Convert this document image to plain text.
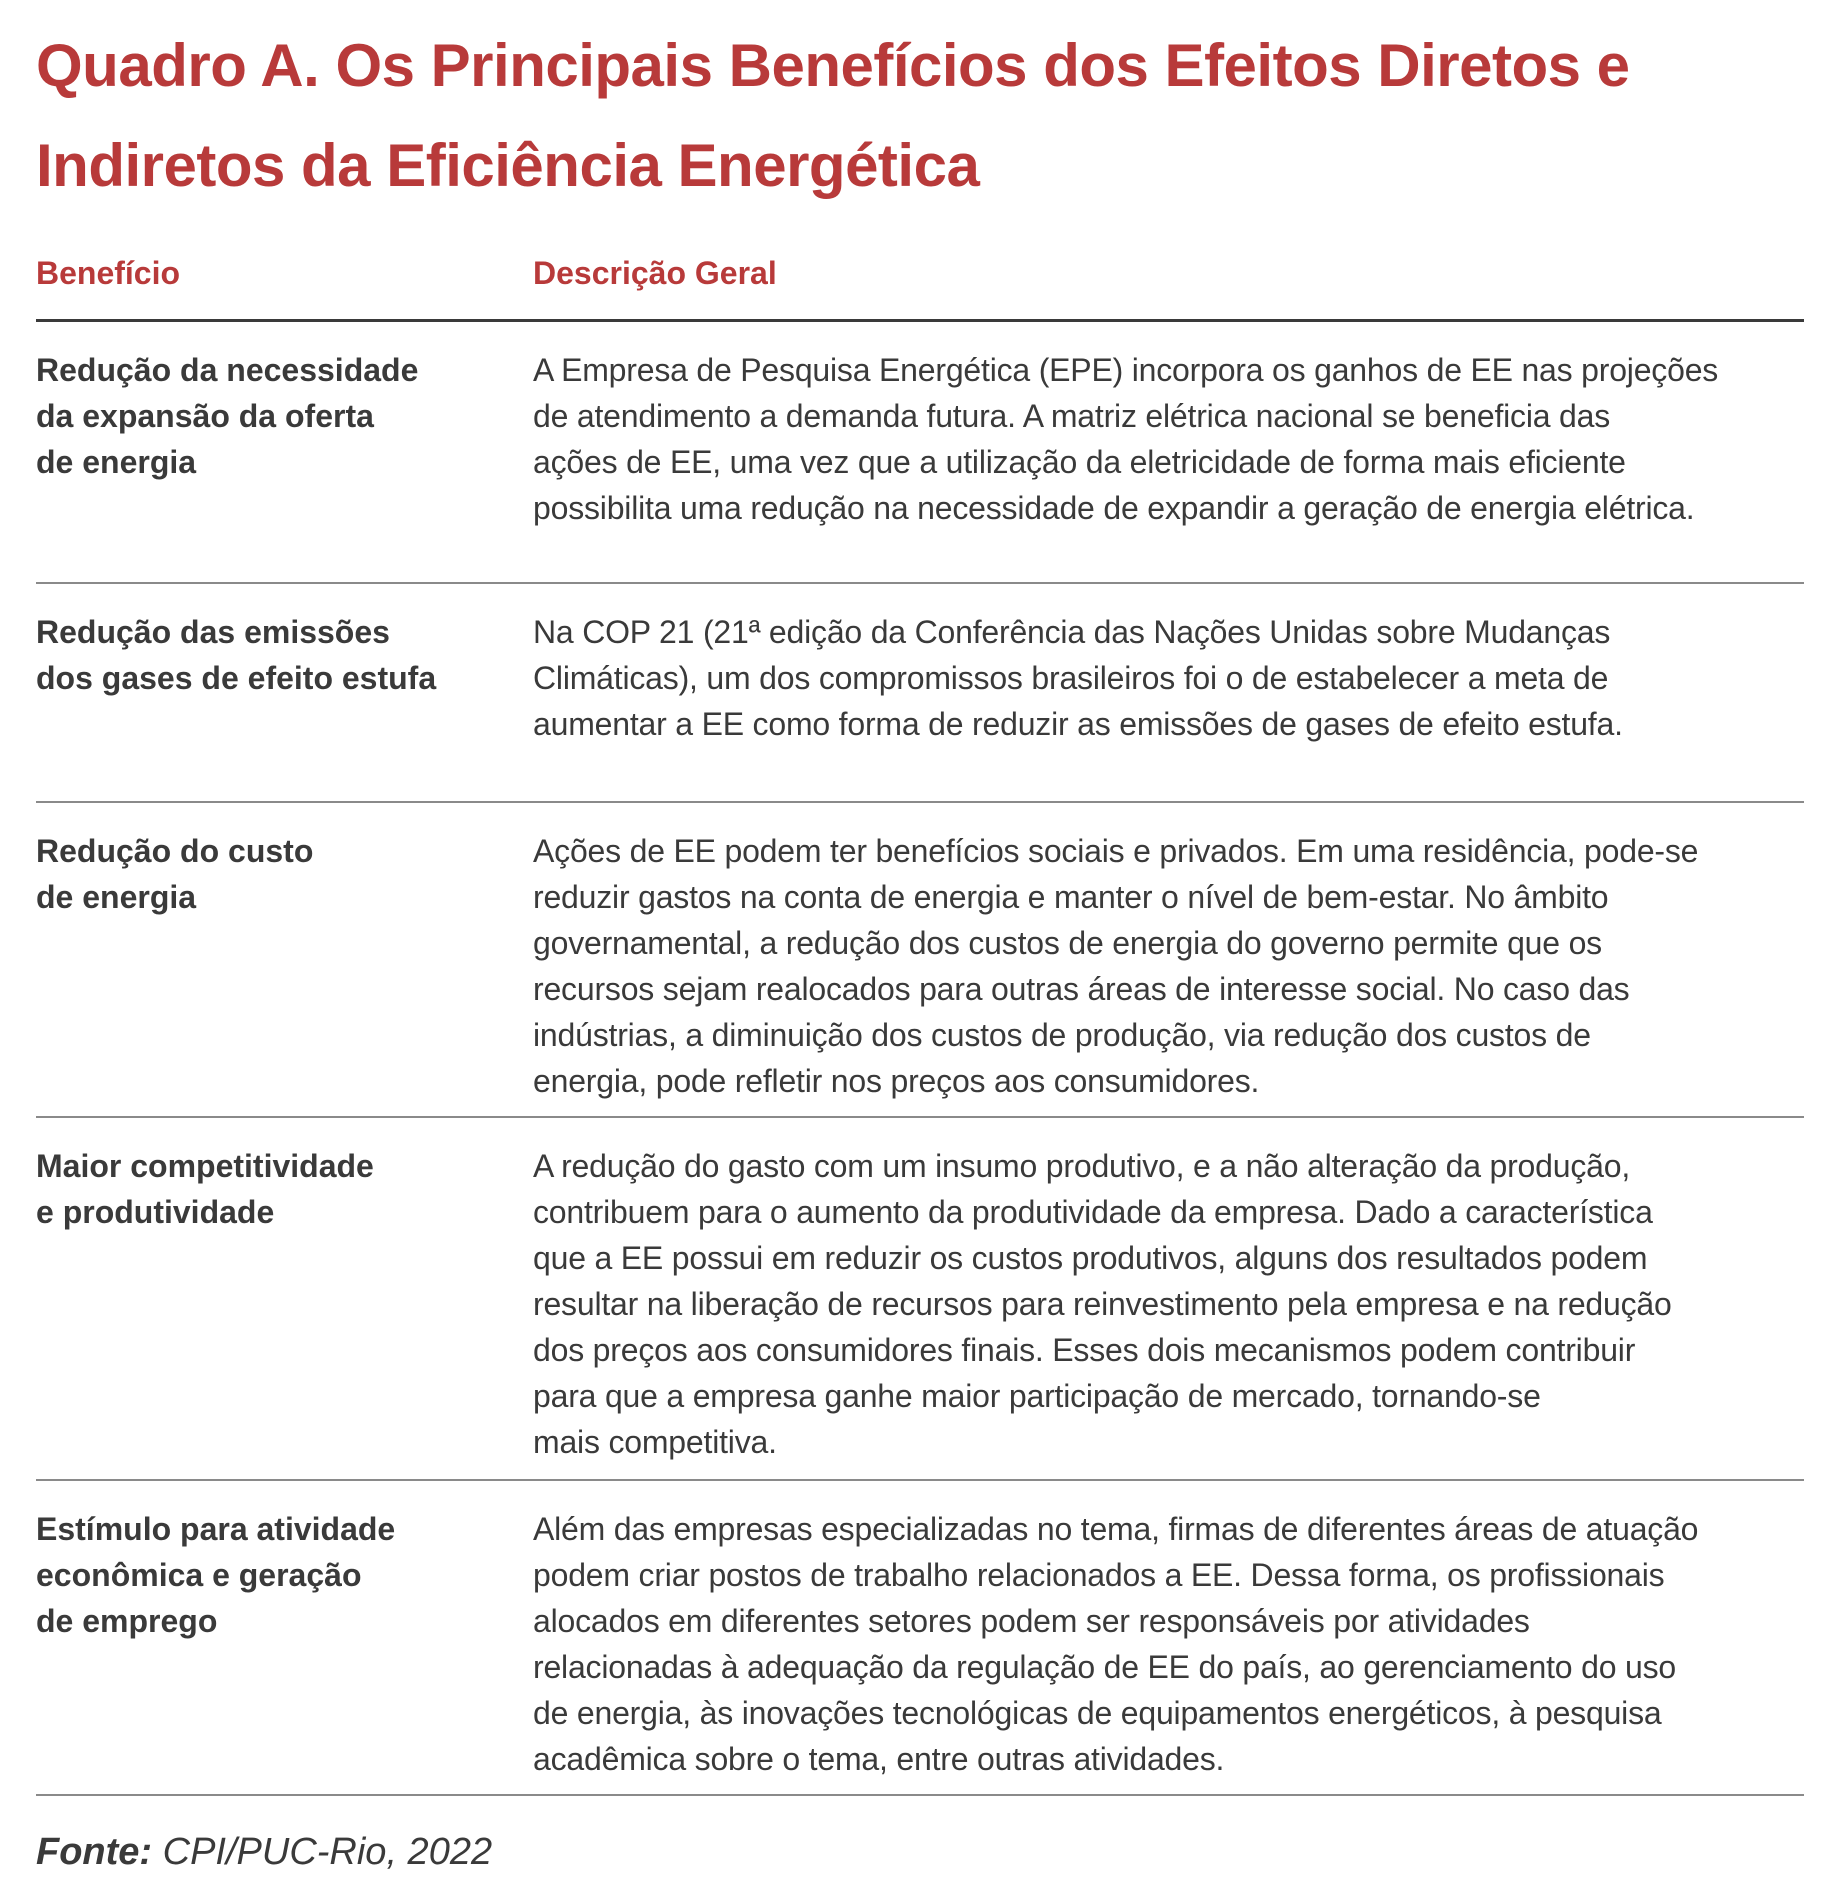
Quadro A. Os Principais Benefícios dos Efeitos Diretos e Indiretos da Eficiência Energética
Benefício	Descrição Geral
Redução da necessidade
da expansão da oferta
de energia
A Empresa de Pesquisa Energética (EPE) incorpora os ganhos de EE nas projeções
de atendimento a demanda futura. A matriz elétrica nacional se beneficia das
ações de EE, uma vez que a utilização da eletricidade de forma mais eficiente
possibilita uma redução na necessidade de expandir a geração de energia elétrica.
Redução das emissões
dos gases de efeito estufa
Na COP 21 (21ª edição da Conferência das Nações Unidas sobre Mudanças
Climáticas), um dos compromissos brasileiros foi o de estabelecer a meta de
aumentar a EE como forma de reduzir as emissões de gases de efeito estufa.
Redução do custo
de energia
Ações de EE podem ter benefícios sociais e privados. Em uma residência, pode-se
reduzir gastos na conta de energia e manter o nível de bem-estar. No âmbito
governamental, a redução dos custos de energia do governo permite que os
recursos sejam realocados para outras áreas de interesse social. No caso das
indústrias, a diminuição dos custos de produção, via redução dos custos de
energia, pode refletir nos preços aos consumidores.
Maior competitividade
e produtividade
A redução do gasto com um insumo produtivo, e a não alteração da produção,
contribuem para o aumento da produtividade da empresa. Dado a característica
que a EE possui em reduzir os custos produtivos, alguns dos resultados podem
resultar na liberação de recursos para reinvestimento pela empresa e na redução
dos preços aos consumidores finais. Esses dois mecanismos podem contribuir
para que a empresa ganhe maior participação de mercado, tornando-se
mais competitiva.
Estímulo para atividade
econômica e geração
de emprego
Além das empresas especializadas no tema, firmas de diferentes áreas de atuação
podem criar postos de trabalho relacionados a EE. Dessa forma, os profissionais
alocados em diferentes setores podem ser responsáveis por atividades
relacionadas à adequação da regulação de EE do país, ao gerenciamento do uso
de energia, às inovações tecnológicas de equipamentos energéticos, à pesquisa
acadêmica sobre o tema, entre outras atividades.
Fonte: CPI/PUC-Rio, 2022
